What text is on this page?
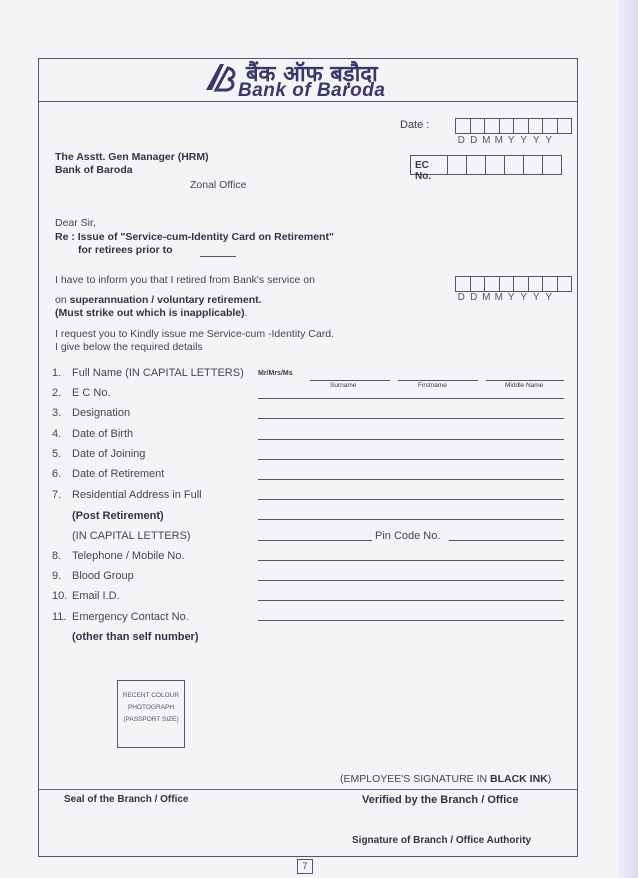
बैंक ऑफ बड़ौदा
Bank of Baroda
Date :
D D M M Y Y Y Y
The Asstt. Gen Manager (HRM)
Bank of Baroda
Zonal Office
EC No.
Dear Sir,
Re : Issue of "Service-cum-Identity Card on Retirement"
for retirees prior to
I have to inform you that I retired from Bank's service on
D D M M Y Y Y Y
on superannuation / voluntary retirement.
(Must strike out which is inapplicable).
I request you to Kindly issue me Service-cum -Identity Card.
I give below the required details
1. Full Name (IN CAPITAL LETTERS) Mr/Mrs/Ms
Surname	Firstname	Middle Name
2. E C No.
3. Designation
4. Date of Birth
5. Date of Joining
6. Date of Retirement
7. Residential Address in Full
(Post Retirement)
(IN CAPITAL LETTERS)	Pin Code No.
8. Telephone / Mobile No.
9. Blood Group
10. Email I.D.
11. Emergency Contact No.
(other than self number)
RECENT COLOUR
PHOTOGRAPH
(PASSPORT SIZE)
(EMPLOYEE'S SIGNATURE IN BLACK INK)
Seal of the Branch / Office	Verified by the Branch / Office
Signature of Branch / Office Authority
7
